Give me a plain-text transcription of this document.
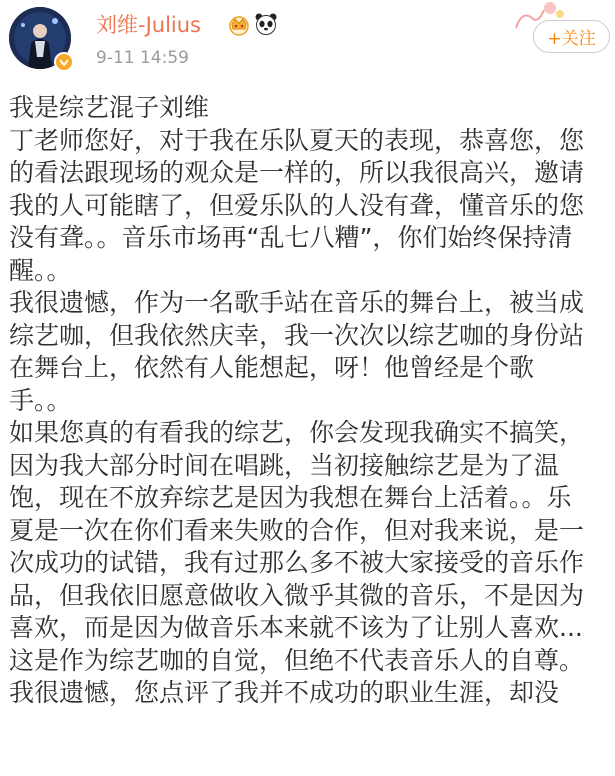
刘维-Julius
9-11 14:59
+关注
我是综艺混子刘维
丁老师您好，对于我在乐队夏天的表现，恭喜您，您
的看法跟现场的观众是一样的，所以我很高兴，邀请
我的人可能瞎了，但爱乐队的人没有聋，懂音乐的您
没有聋。。音乐市场再“乱七八糟”，你们始终保持清
醒。。
我很遗憾，作为一名歌手站在音乐的舞台上，被当成
综艺咖，但我依然庆幸，我一次次以综艺咖的身份站
在舞台上，依然有人能想起，呀！他曾经是个歌
手。。
如果您真的有看我的综艺，你会发现我确实不搞笑，
因为我大部分时间在唱跳，当初接触综艺是为了温
饱，现在不放弃综艺是因为我想在舞台上活着。。乐
夏是一次在你们看来失败的合作，但对我来说，是一
次成功的试错，我有过那么多不被大家接受的音乐作
品，但我依旧愿意做收入微乎其微的音乐，不是因为
喜欢，而是因为做音乐本来就不该为了让别人喜欢...
这是作为综艺咖的自觉，但绝不代表音乐人的自尊。
我很遗憾，您点评了我并不成功的职业生涯，却没
